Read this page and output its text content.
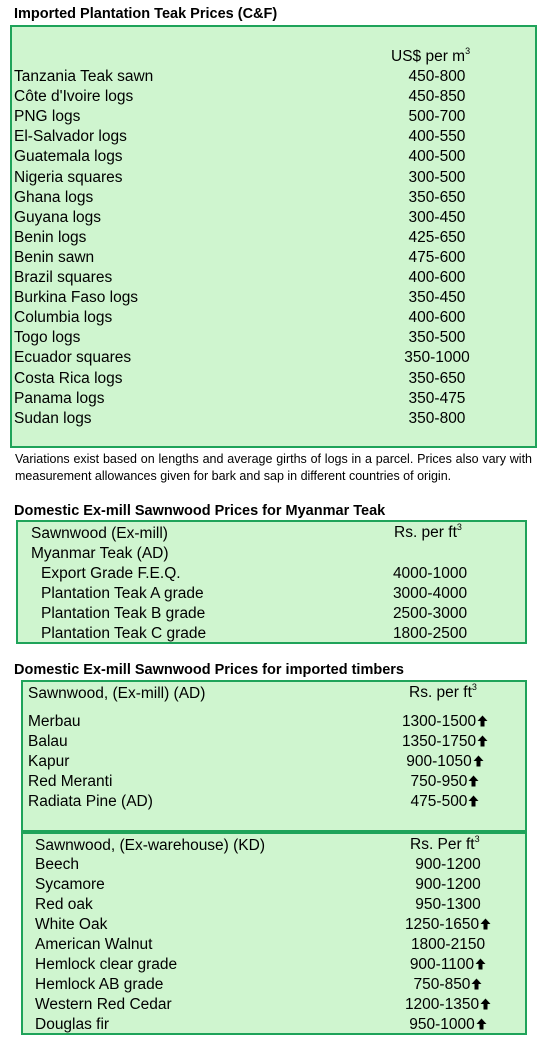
Imported Plantation Teak Prices (C&F)
US$ per $m^3$
Tanzania Teak sawn	450-800
Côte d'Ivoire logs	450-850
PNG logs	500-700
El-Salvador logs	400-550
Guatemala logs	400-500
Nigeria squares	300-500
Ghana logs	350-650
Guyana logs	300-450
Benin logs	425-650
Benin sawn	475-600
Brazil squares	400-600
Burkina Faso logs	350-450
Columbia logs	400-600
Togo logs	350-500
Ecuador squares	350-1000
Costa Rica logs	350-650
Panama logs	350-475
Sudan logs	350-800
Variations exist based on lengths and average girths of logs in a parcel. Prices also vary with measurement allowances given for bark and sap in different countries of origin.
Domestic Ex-mill Sawnwood Prices for Myanmar Teak
Sawnwood (Ex-mill)	Rs. per $ft^3$
Myanmar Teak (AD)
Export Grade F.E.Q.	4000-1000
Plantation Teak A grade	3000-4000
Plantation Teak B grade	2500-3000
Plantation Teak C grade	1800-2500
Domestic Ex-mill Sawnwood Prices for imported timbers
Sawnwood, (Ex-mill) (AD)	Rs. per $ft^3$
Merbau	1300-1500
Balau	1350-1750
Kapur	900-1050
Red Meranti	750-950
Radiata Pine (AD)	475-500
Sawnwood, (Ex-warehouse) (KD)	Rs. Per $ft^3$
Beech	900-1200
Sycamore	900-1200
Red oak	950-1300
White Oak	1250-1650
American Walnut	1800-2150
Hemlock clear grade	900-1100
Hemlock AB grade	750-850
Western Red Cedar	1200-1350
Douglas fir	950-1000
